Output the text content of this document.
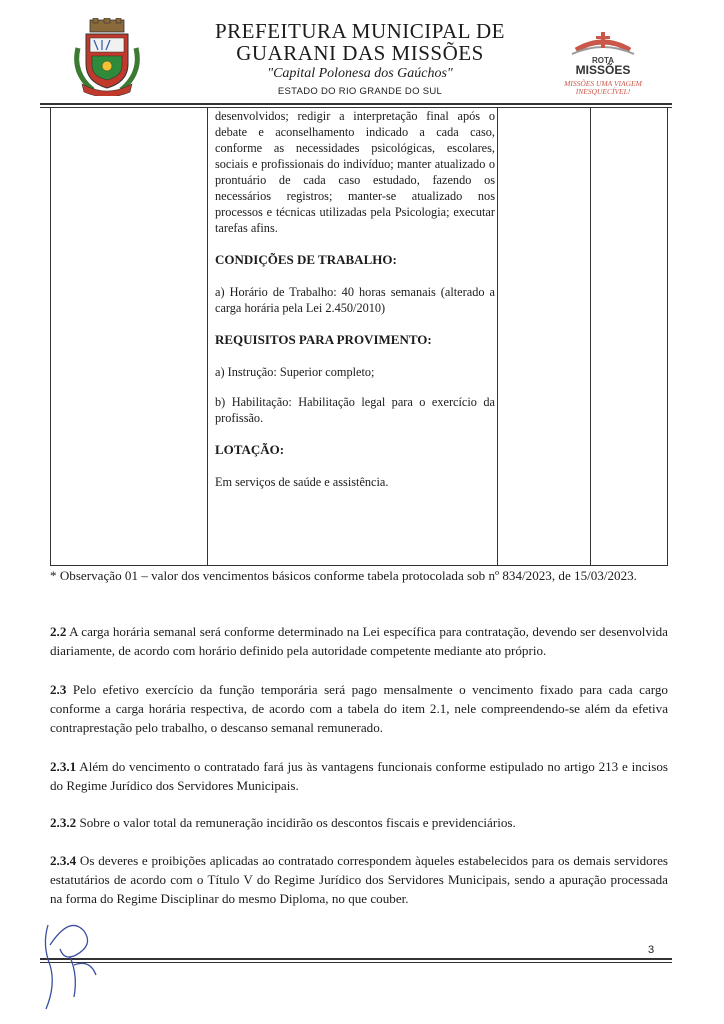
PREFEITURA MUNICIPAL DE
GUARANI DAS MISSÕES
"Capital Polonesa dos Gaúchos"
ESTADO DO RIO GRANDE DO SUL
ROTA
MISSÕES
MISSÕES UMA VIAGEM
INESQUECÍVEL!

desenvolvidos; redigir a interpretação final após o debate e aconselhamento indicado a cada caso, conforme as necessidades psicológicas, escolares, sociais e profissionais do indivíduo; manter atualizado o prontuário de cada caso estudado, fazendo os necessários registros; manter-se atualizado nos processos e técnicas utilizadas pela Psicologia; executar tarefas afins.

CONDIÇÕES DE TRABALHO:

a) Horário de Trabalho: 40 horas semanais (alterado a carga horária pela Lei 2.450/2010)

REQUISITOS PARA PROVIMENTO:

a) Instrução: Superior completo;

b) Habilitação: Habilitação legal para o exercício da profissão.

LOTAÇÃO:

Em serviços de saúde e assistência.

* Observação 01 – valor dos vencimentos básicos conforme tabela protocolada sob nº 834/2023, de 15/03/2023.
2.2 A carga horária semanal será conforme determinado na Lei específica para contratação, devendo ser desenvolvida diariamente, de acordo com horário definido pela autoridade competente mediante ato próprio.
2.3 Pelo efetivo exercício da função temporária será pago mensalmente o vencimento fixado para cada cargo conforme a carga horária respectiva, de acordo com a tabela do item 2.1, nele compreendendo-se além da efetiva contraprestação pelo trabalho, o descanso semanal remunerado.
2.3.1 Além do vencimento o contratado fará jus às vantagens funcionais conforme estipulado no artigo 213 e incisos do Regime Jurídico dos Servidores Municipais.
2.3.2 Sobre o valor total da remuneração incidirão os descontos fiscais e previdenciários.
2.3.4 Os deveres e proibições aplicadas ao contratado correspondem àqueles estabelecidos para os demais servidores estatutários de acordo com o Título V do Regime Jurídico dos Servidores Municipais, sendo a apuração processada na forma do Regime Disciplinar do mesmo Diploma, no que couber.
3
